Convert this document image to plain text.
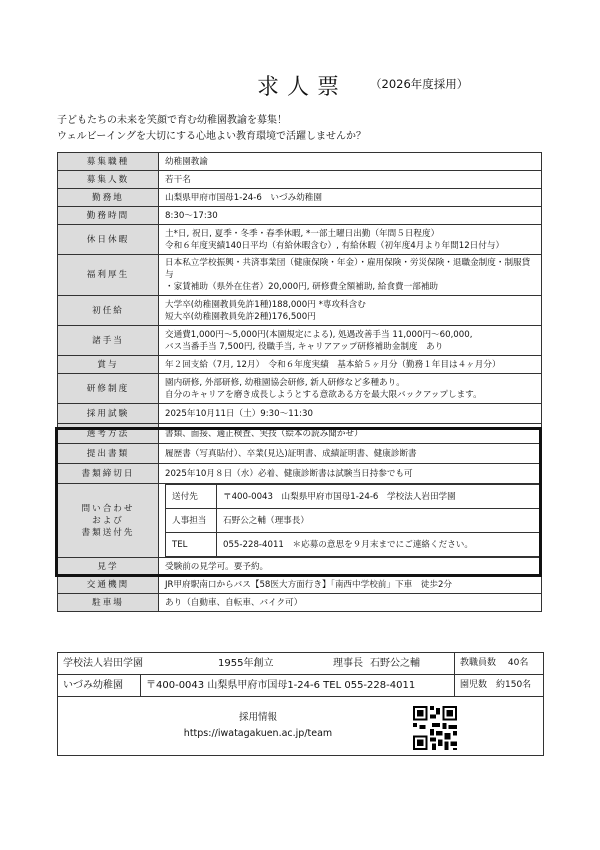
求人票 （2026年度採用）
子どもたちの未来を笑顔で育む幼稚園教諭を募集！
ウェルビーイングを大切にする心地よい教育環境で活躍しませんか？
募集職種	幼稚園教諭
募集人数	若干名
勤務地	山梨県甲府市国母1-24-6　いづみ幼稚園
勤務時間	8:30～17:30
休日休暇	
土*日, 祝日, 夏季・冬季・春季休暇, *一部土曜日出勤（年間５日程度）
令和６年度実績140日平均（有給休暇含む）, 有給休暇（初年度4月より年間12日付与）

福利厚生	
日本私立学校振興・共済事業団（健康保険・年金）・雇用保険・労災保険・退職金制度・制服貸与
・家賃補助（県外在住者）20,000円, 研修費全額補助, 給食費一部補助

初任給	
大学卒(幼稚園教員免許1種)188,000円 *専攻科含む
短大卒(幼稚園教員免許2種)176,500円

諸手当	
交通費1,000円～5,000円(本園規定による), 処遇改善手当 11,000円～60,000,
バス当番手当 7,500円, 役職手当, キャリアアップ研修補助金制度　あり

賞与	年２回支給（7月, 12月）　令和６年度実績　基本給５ヶ月分（勤務１年目は４ヶ月分）
研修制度	
園内研修, 外部研修, 幼稚園協会研修, 新人研修など多種あり。
自分のキャリアを磨き成長しようとする意欲ある方を最大限バックアップします。

採用試験	2025年10月11日（土）9:30～11:30
選考方法	書類、面接、適正検査、実技（絵本の読み聞かせ）
提出書類	履歴書（写真貼付）、卒業(見込)証明書、成績証明書、健康診断書
書類締切日	2025年10月８日（水）必着、健康診断書は試験当日持参でも可

問い合わせ
および
書類送付先

送付先	〒400-0043　山梨県甲府市国母1-24-6　学校法人岩田学園
人事担当	石野公之輔（理事長）
TEL	055-228-4011　 ＊応募の意思を９月末までにご連絡ください。

見学	受験前の見学可。要予約。
交通機関	JR甲府駅南口からバス【58医大方面行き】「南西中学校前」下車　徒歩2分
駐車場	あり（自動車、自転車、バイク可）
学校法人岩田学園	1955年創立	理事長 石野公之輔	教職員数　 40名
いづみ幼稚園	〒400-0043 山梨県甲府市国母1-24-6 TEL 055-228-4011	園児数　約150名
採用情報
https://iwatagakuen.ac.jp/team
